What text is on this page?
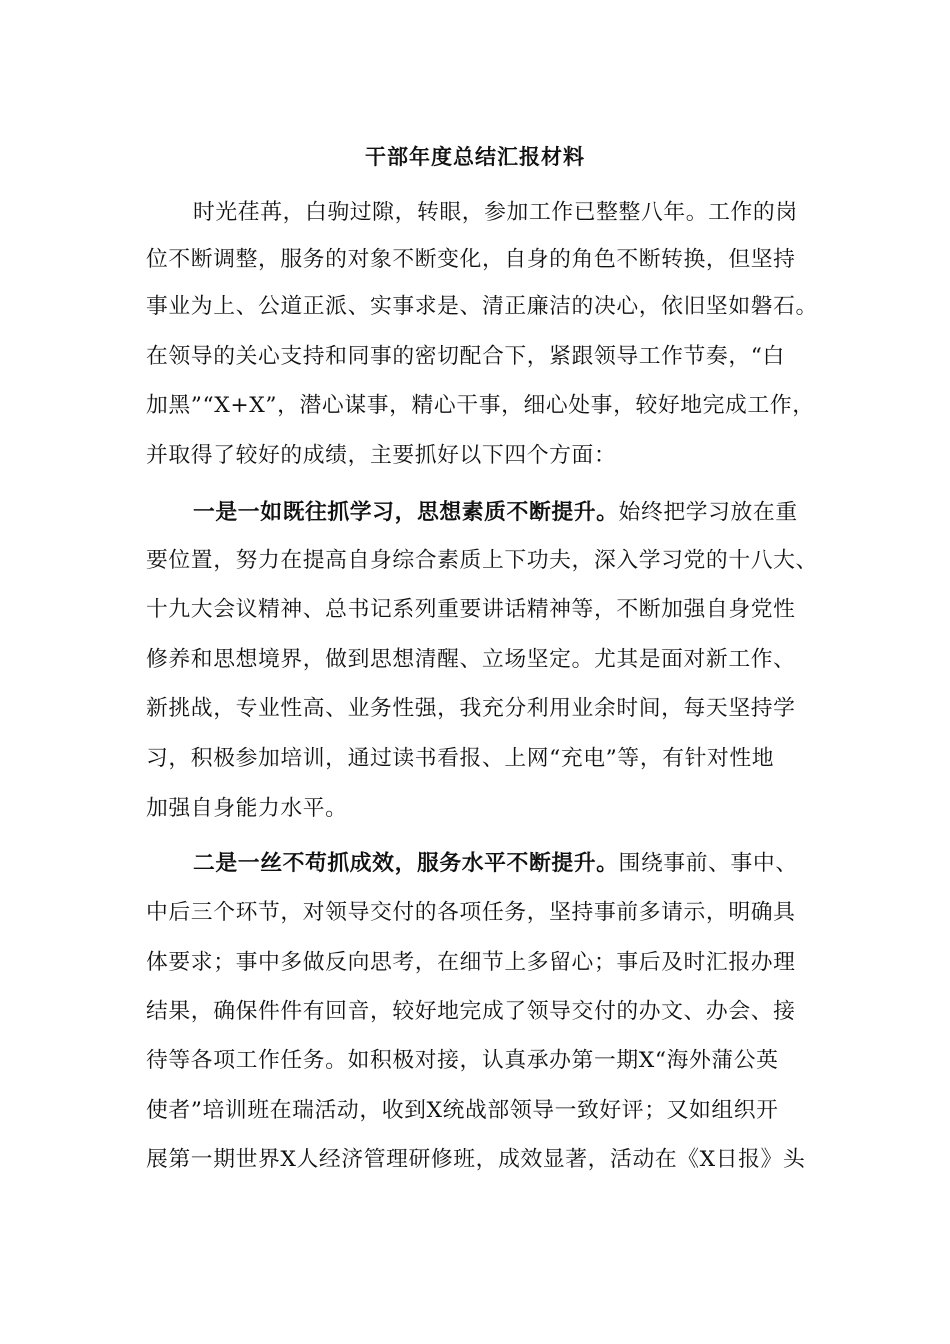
干部年度总结汇报材料
时光荏苒，白驹过隙，转眼，参加工作已整整八年。工作的岗
位不断调整，服务的对象不断变化，自身的角色不断转换，但坚持
事业为上、公道正派、实事求是、清正廉洁的决心，依旧坚如磐石。
在领导的关心支持和同事的密切配合下，紧跟领导工作节奏，“白
加黑”“X+X”，潜心谋事，精心干事，细心处事，较好地完成工作，
并取得了较好的成绩，主要抓好以下四个方面：
一是一如既往抓学习，思想素质不断提升。始终把学习放在重
要位置，努力在提高自身综合素质上下功夫，深入学习党的十八大、
十九大会议精神、总书记系列重要讲话精神等，不断加强自身党性
修养和思想境界，做到思想清醒、立场坚定。尤其是面对新工作、
新挑战，专业性高、业务性强，我充分利用业余时间，每天坚持学
习，积极参加培训，通过读书看报、上网“充电”等，有针对性地
加强自身能力水平。
二是一丝不苟抓成效，服务水平不断提升。围绕事前、事中、
中后三个环节，对领导交付的各项任务，坚持事前多请示，明确具
体要求；事中多做反向思考，在细节上多留心；事后及时汇报办理
结果，确保件件有回音，较好地完成了领导交付的办文、办会、接
待等各项工作任务。如积极对接，认真承办第一期X“海外蒲公英
使者”培训班在瑞活动，收到X统战部领导一致好评；又如组织开
展第一期世界X人经济管理研修班，成效显著，活动在《X日报》头
